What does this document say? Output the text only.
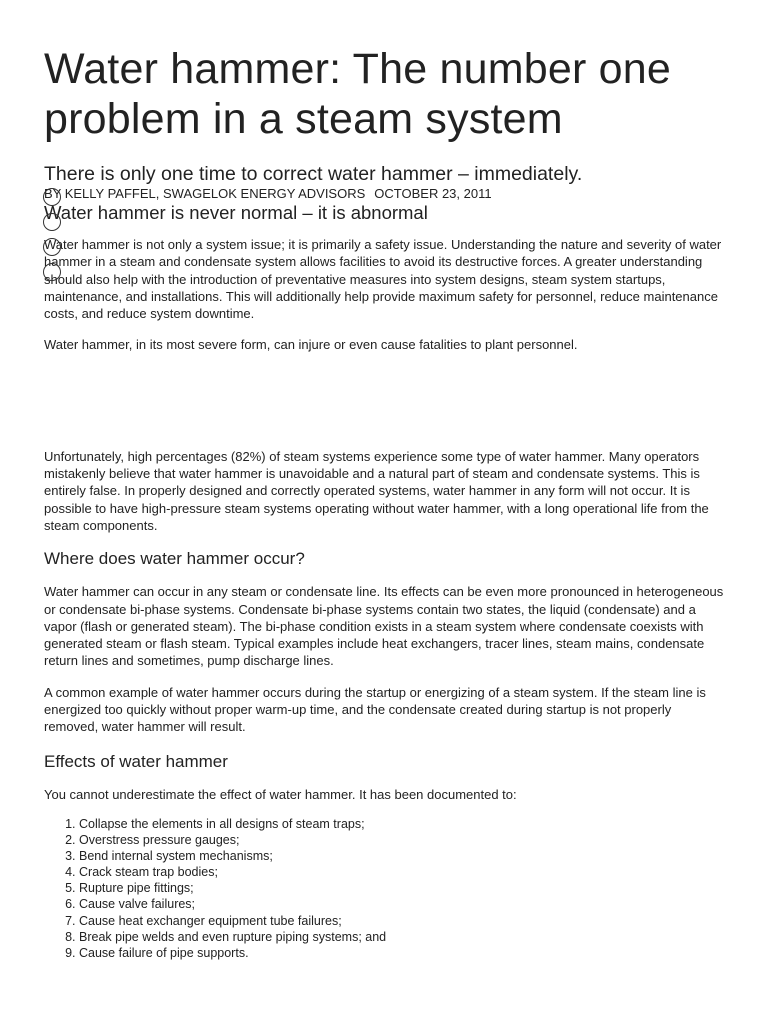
Water hammer: The number one problem in a steam system
There is only one time to correct water hammer – immediately.
BY KELLY PAFFEL, SWAGELOK ENERGY ADVISORS OCTOBER 23, 2011
Water hammer is never normal – it is abnormal

Water hammer is not only a system issue; it is primarily a safety issue. Understanding the nature and severity of water hammer in a steam and condensate system allows facilities to avoid its destructive forces. A greater understanding should also help with the introduction of preventative measures into system designs, steam system startups, maintenance, and installations. This will additionally help provide maximum safety for personnel, reduce maintenance costs, and reduce system downtime.

Water hammer, in its most severe form, can injure or even cause fatalities to plant personnel.

Unfortunately, high percentages (82%) of steam systems experience some type of water hammer. Many operators mistakenly believe that water hammer is unavoidable and a natural part of steam and condensate systems. This is entirely false. In properly designed and correctly operated systems, water hammer in any form will not occur. It is possible to have high-pressure steam systems operating without water hammer, with a long operational life from the steam components.

Where does water hammer occur?

Water hammer can occur in any steam or condensate line. Its effects can be even more pronounced in heterogeneous or condensate bi-phase systems. Condensate bi-phase systems contain two states, the liquid (condensate) and a vapor (flash or generated steam). The bi-phase condition exists in a steam system where condensate coexists with generated steam or flash steam. Typical examples include heat exchangers, tracer lines, steam mains, condensate return lines and sometimes, pump discharge lines.

A common example of water hammer occurs during the startup or energizing of a steam system. If the steam line is energized too quickly without proper warm-up time, and the condensate created during startup is not properly removed, water hammer will result.

Effects of water hammer

You cannot underestimate the effect of water hammer. It has been documented to:

1. Collapse the elements in all designs of steam traps;
2. Overstress pressure gauges;
3. Bend internal system mechanisms;
4. Crack steam trap bodies;
5. Rupture pipe fittings;
6. Cause valve failures;
7. Cause heat exchanger equipment tube failures;
8. Break pipe welds and even rupture piping systems; and
9. Cause failure of pipe supports.
